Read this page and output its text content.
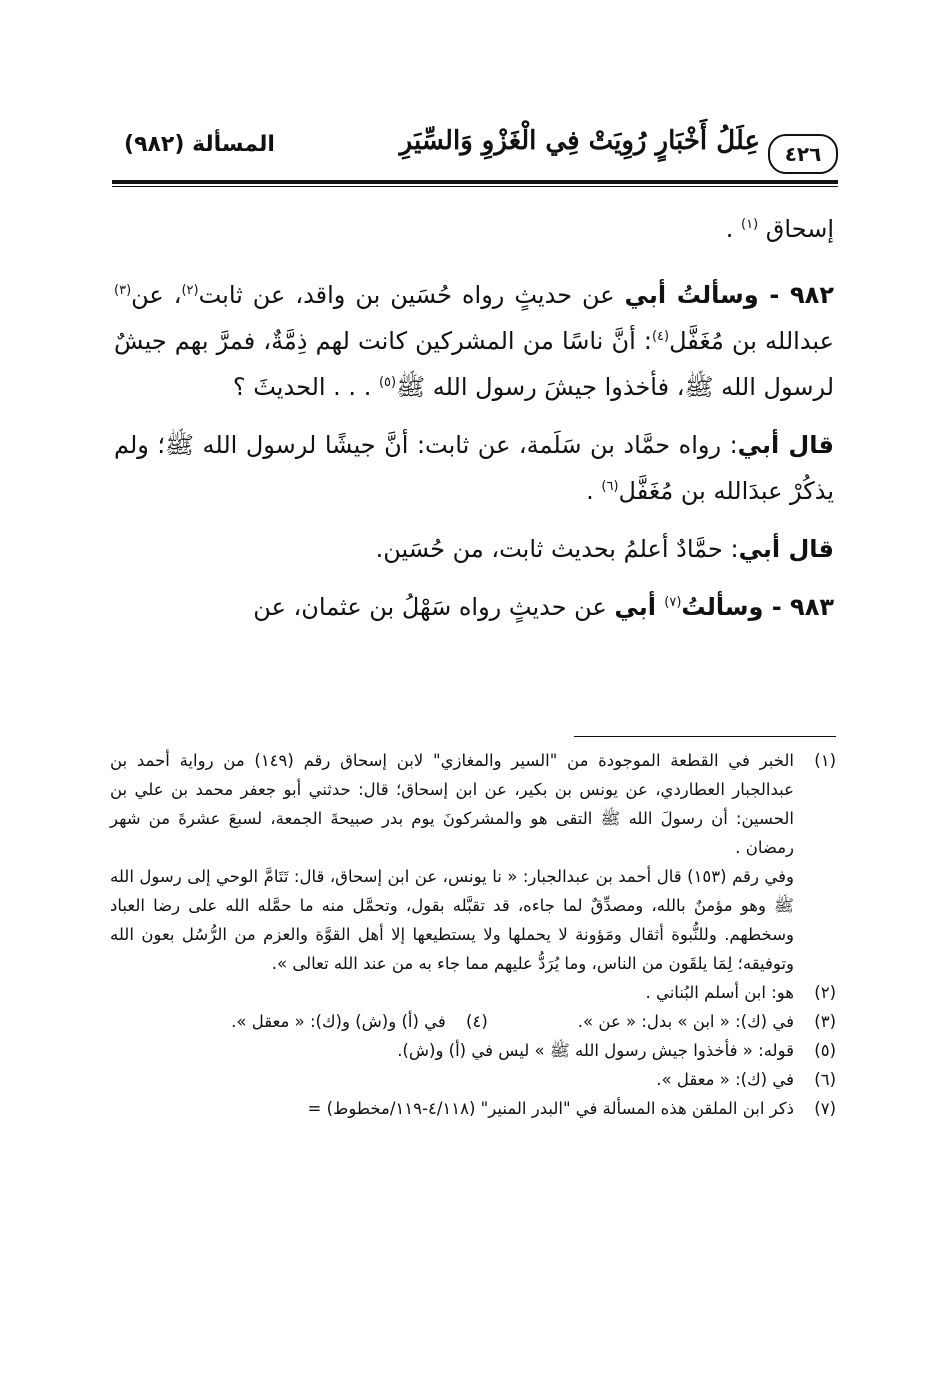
٤٢٦
عِلَلُ أَخْبَارٍ رُوِيَتْ فِي الْغَزْوِ وَالسِّيَرِ
المسألة (٩٨٢)

إسحاق $^{(١)}$ .

٩٨٢ - وسألتُ أبي عن حديثٍ رواه حُسَين بن واقد، عن ثابت$^{(٢)}$، عن$^{(٣)}$ عبدالله بن مُغَفَّل$^{(٤)}$: أنَّ ناسًا من المشركين كانت لهم ذِمَّةٌ، فمرَّ بهم جيشٌ لرسول الله ﷺ، فأخذوا جيشَ رسول الله ﷺ$^{(٥)}$ . . . الحديثَ ؟

قال أبي: رواه حمَّاد بن سَلَمة، عن ثابت: أنَّ جيشًا لرسول الله ﷺ؛ ولم يذكُرْ عبدَالله بن مُغَفَّل$^{(٦)}$ .

قال أبي: حمَّادٌ أعلمُ بحديث ثابت، من حُسَين.

٩٨٣ - وسألتُ$^{(٧)}$ أبي عن حديثٍ رواه سَهْلُ بن عثمان، عن

(١)
الخبر في القطعة الموجودة من "السير والمغازي" لابن إسحاق رقم (١٤٩) من رواية أحمد بن عبدالجبار العطاردي، عن يونس بن بكير، عن ابن إسحاق؛ قال: حدثني أبو جعفر محمد بن علي بن الحسين: أن رسولَ الله ﷺ التقى هو والمشركونَ يوم بدر صبيحةَ الجمعة، لسبعَ عشرةَ من شهر رمضان .
وفي رقم (١٥٣) قال أحمد بن عبدالجبار: « نا يونس، عن ابن إسحاق، قال: تَتَامَّ الوحي إلى رسول الله ﷺ وهو مؤمنٌ بالله، ومصدِّقٌ لما جاءه، قد تقبَّله بقول، وتحمَّل منه ما حمَّله الله على رضا العباد وسخطهم. وللنُّبوة أثقال ومَؤونة لا يحملها ولا يستطيعها إلا أهل القوَّة والعزم من الرُّسُل بعون الله وتوفيقه؛ لِمَا يلقَون من الناس، وما يُرَدُّ عليهم مما جاء به من عند الله تعالى ».
(٢)
هو: ابن أسلم البُناني .
(٣)
في (ك): « ابن » بدل: « عن ».
(٤)
في (أ) و(ش) و(ك): « معقل ».
(٥)
قوله: « فأخذوا جيش رسول الله ﷺ » ليس في (أ) و(ش).
(٦)
في (ك): « معقل ».
(٧)
ذكر ابن الملقن هذه المسألة في "البدر المنير" (٤/١١٨-١١٩/مخطوط) =
